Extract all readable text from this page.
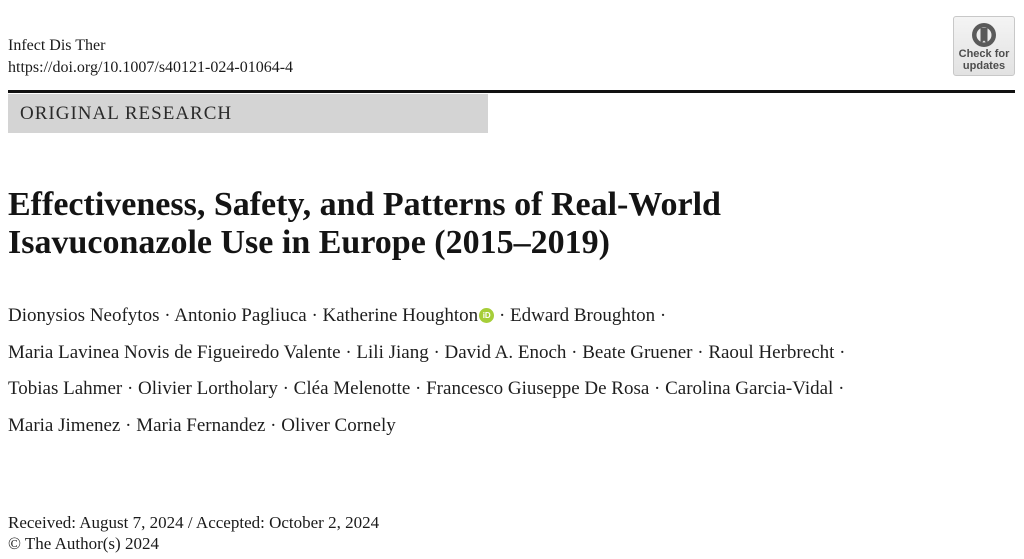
Infect Dis Ther
https://doi.org/10.1007/s40121-024-01064-4
Check for
updates
ORIGINAL RESEARCH
Effectiveness, Safety, and Patterns of Real-World
Isavuconazole Use in Europe (2015–2019)
Dionysios Neofytos · Antonio Pagliuca · Katherine Houghton iD · Edward Broughton ·
Maria Lavinea Novis de Figueiredo Valente · Lili Jiang · David A. Enoch · Beate Gruener · Raoul Herbrecht ·
Tobias Lahmer · Olivier Lortholary · Cléa Melenotte · Francesco Giuseppe De Rosa · Carolina Garcia-Vidal ·
Maria Jimenez · Maria Fernandez · Oliver Cornely
Received: August 7, 2024 / Accepted: October 2, 2024
© The Author(s) 2024
